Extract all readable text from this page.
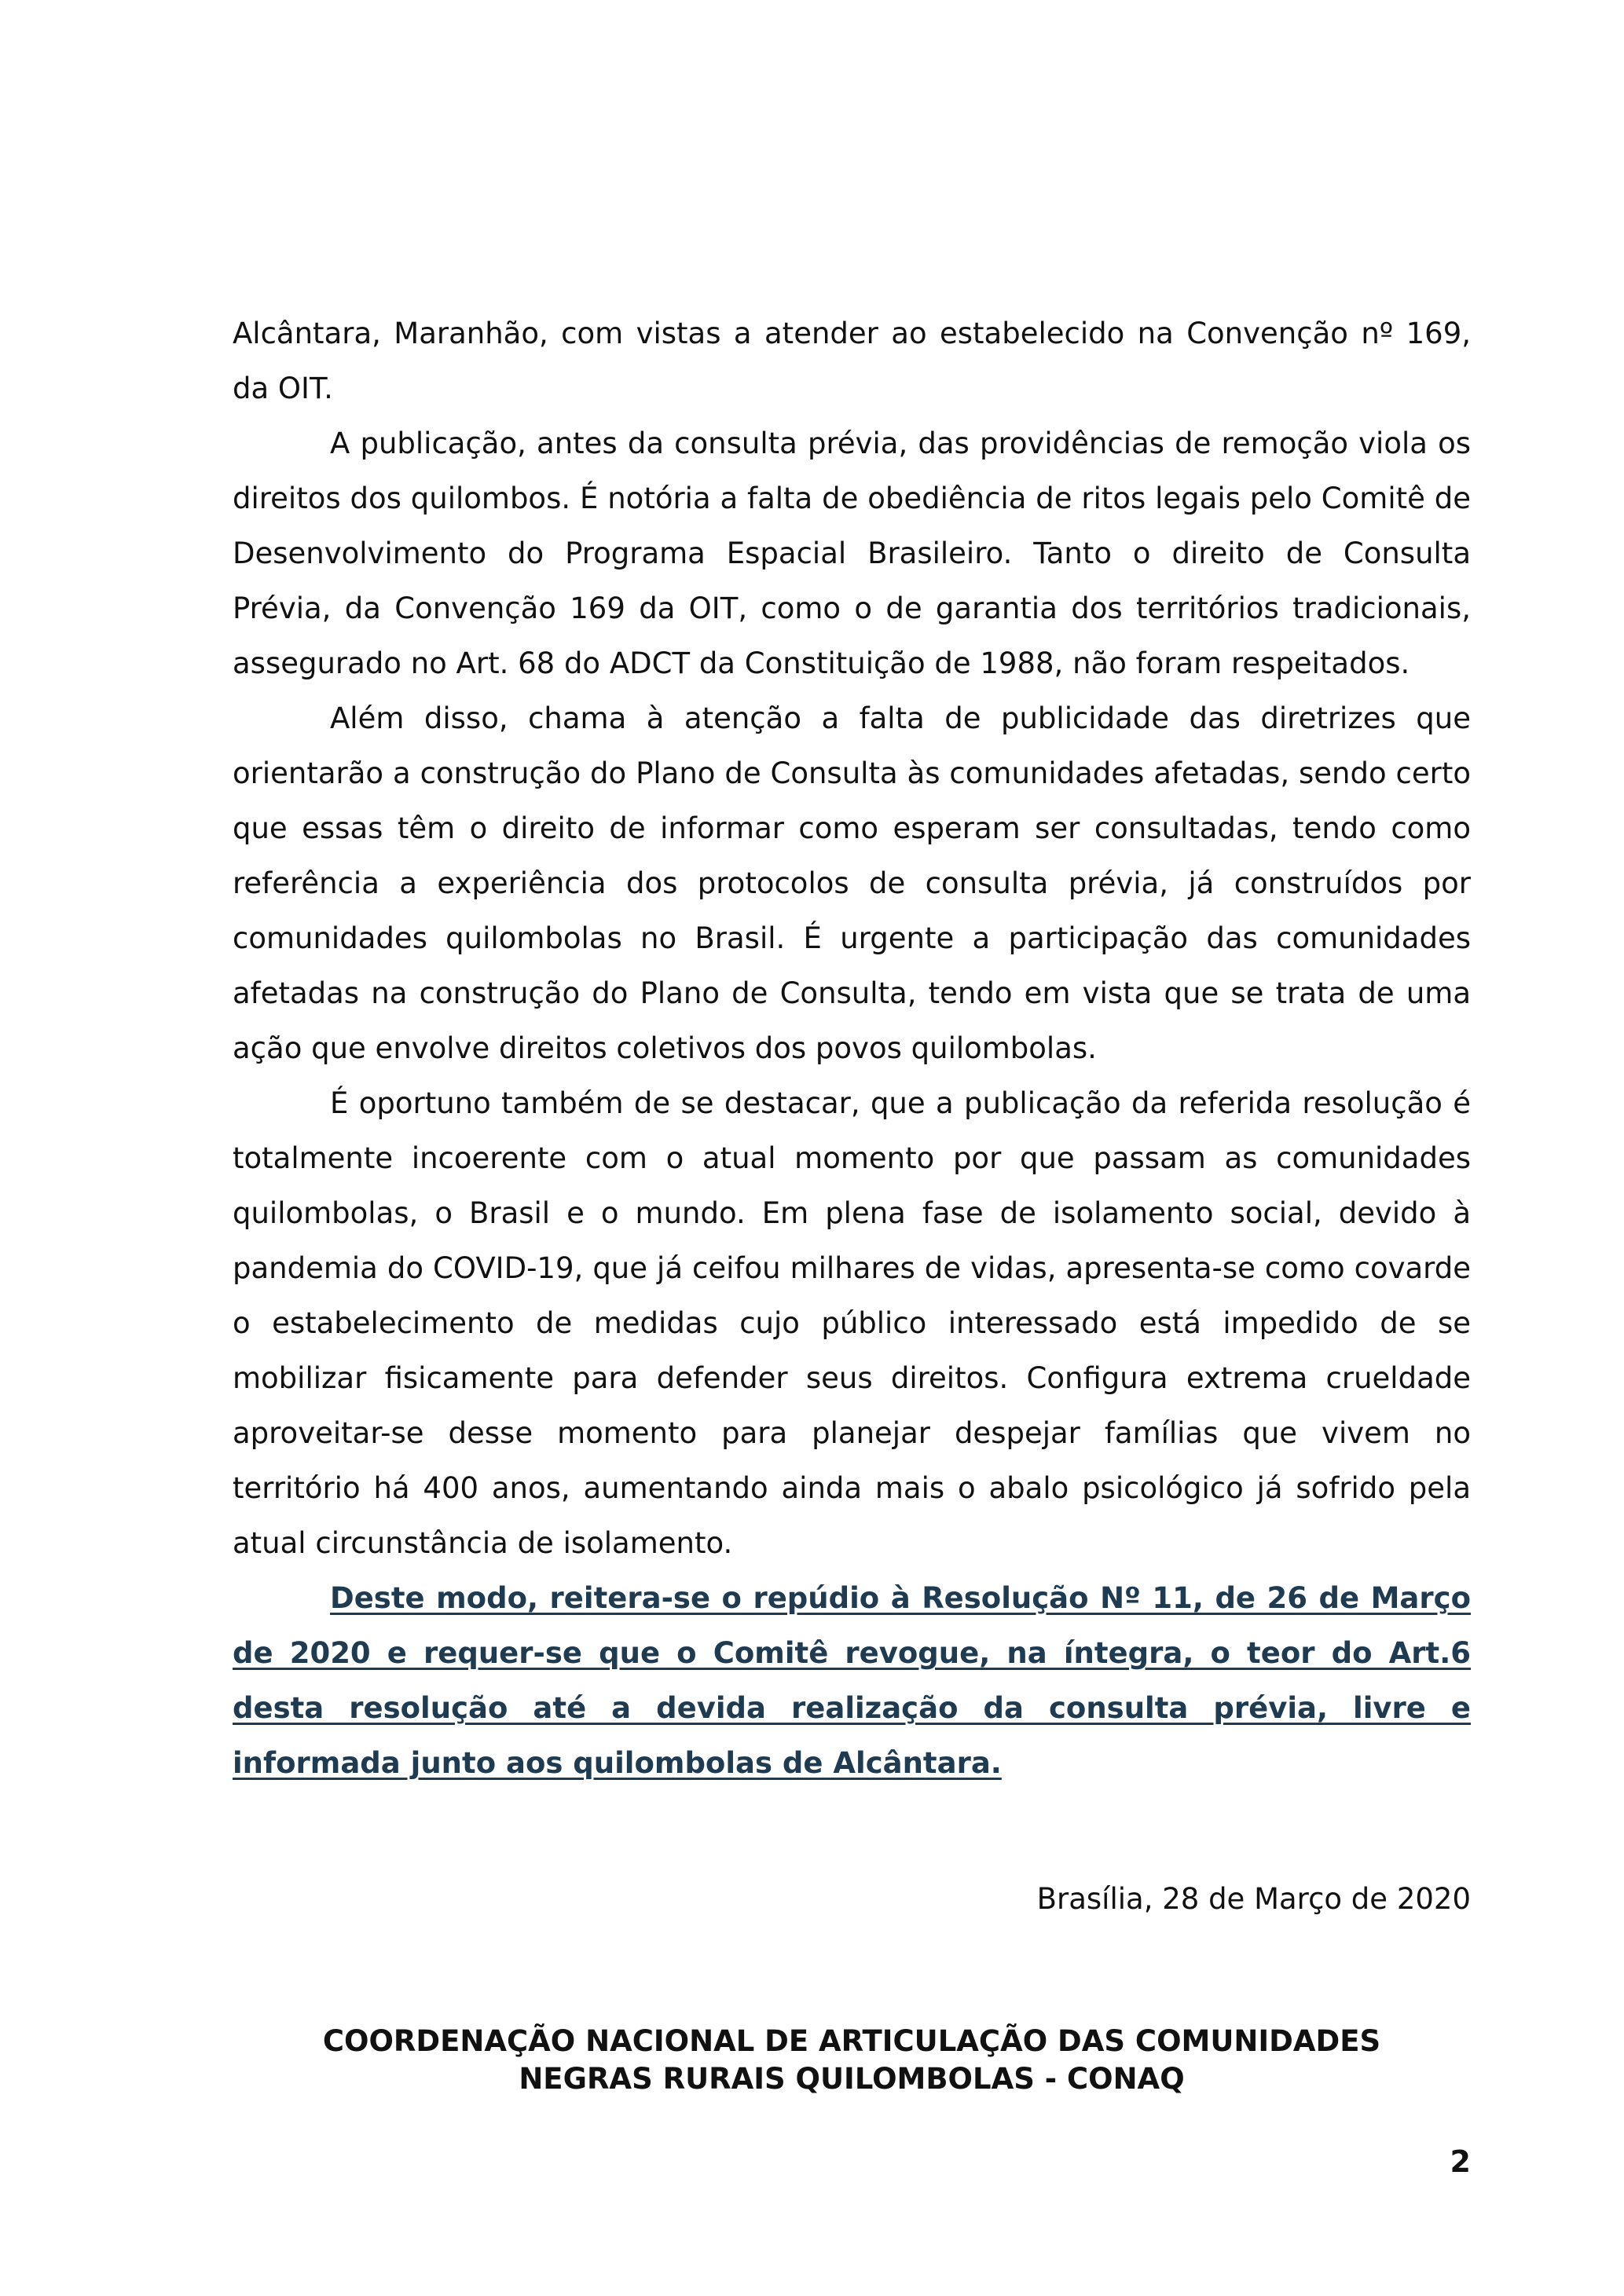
Alcântara, Maranhão, com vistas a atender ao estabelecido na Convenção nº 169, da OIT.

A publicação, antes da consulta prévia, das providências de remoção viola os direitos dos quilombos. É notória a falta de obediência de ritos legais pelo Comitê de Desenvolvimento do Programa Espacial Brasileiro. Tanto o direito de Consulta Prévia, da Convenção 169 da OIT, como o de garantia dos territórios tradicionais, assegurado no Art. 68 do ADCT da Constituição de 1988, não foram respeitados.

Além disso, chama à atenção a falta de publicidade das diretrizes que orientarão a construção do Plano de Consulta às comunidades afetadas, sendo certo que essas têm o direito de informar como esperam ser consultadas, tendo como referência a experiência dos protocolos de consulta prévia, já construídos por comunidades quilombolas no Brasil. É urgente a participação das comunidades afetadas na construção do Plano de Consulta, tendo em vista que se trata de uma ação que envolve direitos coletivos dos povos quilombolas.

É oportuno também de se destacar, que a publicação da referida resolução é totalmente incoerente com o atual momento por que passam as comunidades quilombolas, o Brasil e o mundo. Em plena fase de isolamento social, devido à pandemia do COVID-19, que já ceifou milhares de vidas, apresenta-se como covarde o estabelecimento de medidas cujo público interessado está impedido de se mobilizar fisicamente para defender seus direitos. Configura extrema crueldade aproveitar-se desse momento para planejar despejar famílias que vivem no território há 400 anos, aumentando ainda mais o abalo psicológico já sofrido pela atual circunstância de isolamento.

Deste modo, reitera-se o repúdio à Resolução Nº 11, de 26 de Março de 2020 e requer-se que o Comitê revogue, na íntegra, o teor do Art.6 desta resolução até a devida realização da consulta prévia, livre e informada junto aos quilombolas de Alcântara.

Brasília, 28 de Março de 2020

COORDENAÇÃO NACIONAL DE ARTICULAÇÃO DAS COMUNIDADES
NEGRAS RURAIS QUILOMBOLAS - CONAQ

2
